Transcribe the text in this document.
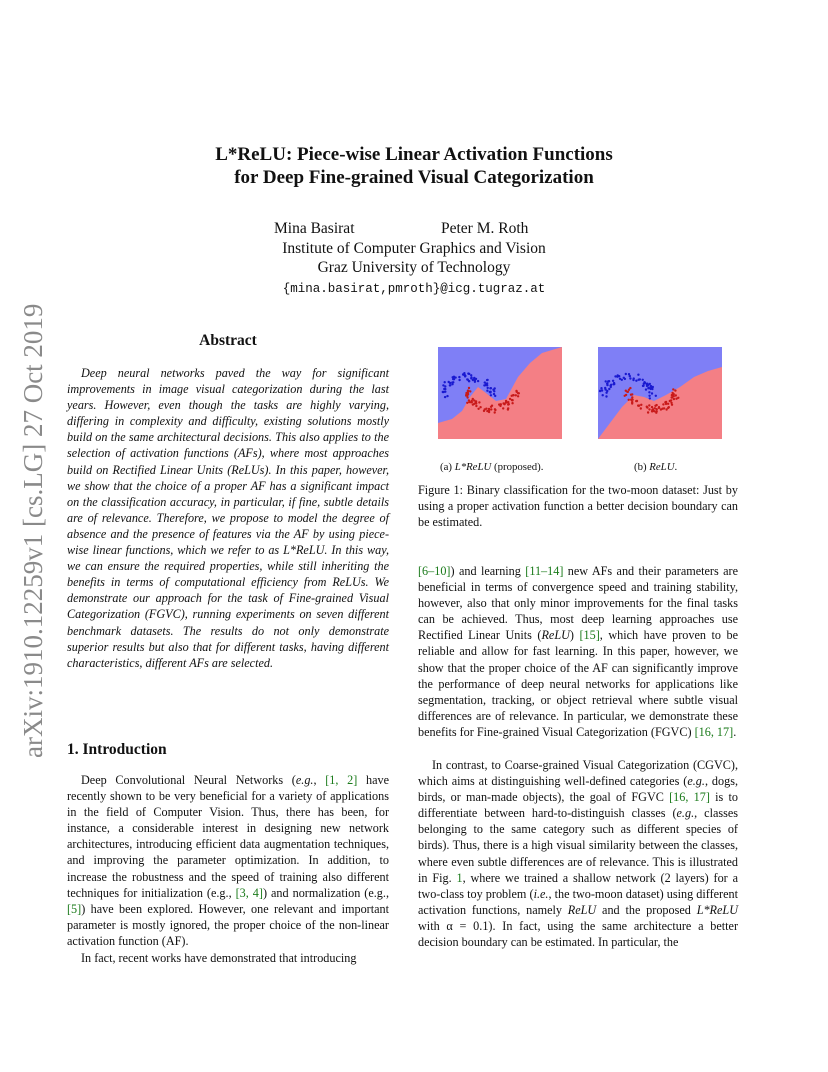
arXiv:1910.12259v1 [cs.LG] 27 Oct 2019
L*ReLU: Piece-wise Linear Activation Functions
for Deep Fine-grained Visual Categorization
Mina Basirat	Peter M. Roth
Institute of Computer Graphics and Vision
Graz University of Technology
{mina.basirat,pmroth}@icg.tugraz.at
Abstract

Deep neural networks paved the way for significant improvements in image visual categorization during the last years. However, even though the tasks are highly varying, differing in complexity and difficulty, existing solutions mostly build on the same architectural decisions. This also applies to the selection of activation functions (AFs), where most approaches build on Rectified Linear Units (ReLUs). In this paper, however, we show that the choice of a proper AF has a significant impact on the classification accuracy, in particular, if fine, subtle details are of relevance. Therefore, we propose to model the degree of absence and the presence of features via the AF by using piece-wise linear functions, which we refer to as L*ReLU. In this way, we can ensure the required properties, while still inheriting the benefits in terms of computational efficiency from ReLUs. We demonstrate our approach for the task of Fine-grained Visual Categorization (FGVC), running experiments on seven different benchmark datasets. The results do not only demonstrate superior results but also that for different tasks, having different characteristics, different AFs are selected.

1. Introduction

Deep Convolutional Neural Networks (e.g., [1, 2] have recently shown to be very beneficial for a variety of applications in the field of Computer Vision. Thus, there has been, for instance, a considerable interest in designing new network architectures, introducing efficient data augmentation techniques, and improving the parameter optimization. In addition, to increase the robustness and the speed of training also different techniques for initialization (e.g., [3, 4]) and normalization (e.g., [5]) have been explored. However, one relevant and important parameter is mostly ignored, the proper choice of the non-linear activation function (AF).

In fact, recent works have demonstrated that introducing

(a) L*ReLU (proposed).	(b) ReLU.

Figure 1: Binary classification for the two-moon dataset: Just by using a proper activation function a better decision boundary can be estimated.

[6–10]) and learning [11–14] new AFs and their parameters are beneficial in terms of convergence speed and training stability, however, also that only minor improvements for the final tasks can be achieved. Thus, most deep learning approaches use Rectified Linear Units (ReLU) [15], which have proven to be reliable and allow for fast learning. In this paper, however, we show that the proper choice of the AF can significantly improve the performance of deep neural networks for applications like segmentation, tracking, or object retrieval where subtle visual differences are of relevance. In particular, we demonstrate these benefits for Fine-grained Visual Categorization (FGVC) [16, 17].

In contrast, to Coarse-grained Visual Categorization (CGVC), which aims at distinguishing well-defined categories (e.g., dogs, birds, or man-made objects), the goal of FGVC [16, 17] is to differentiate between hard-to-distinguish classes (e.g., classes belonging to the same category such as different species of birds). Thus, there is a high visual similarity between the classes, where even subtle differences are of relevance. This is illustrated in Fig. 1, where we trained a shallow network (2 layers) for a two-class toy problem (i.e., the two-moon dataset) using different activation functions, namely ReLU and the proposed L*ReLU with α = 0.1). In fact, using the same architecture a better decision boundary can be estimated. In particular, the
